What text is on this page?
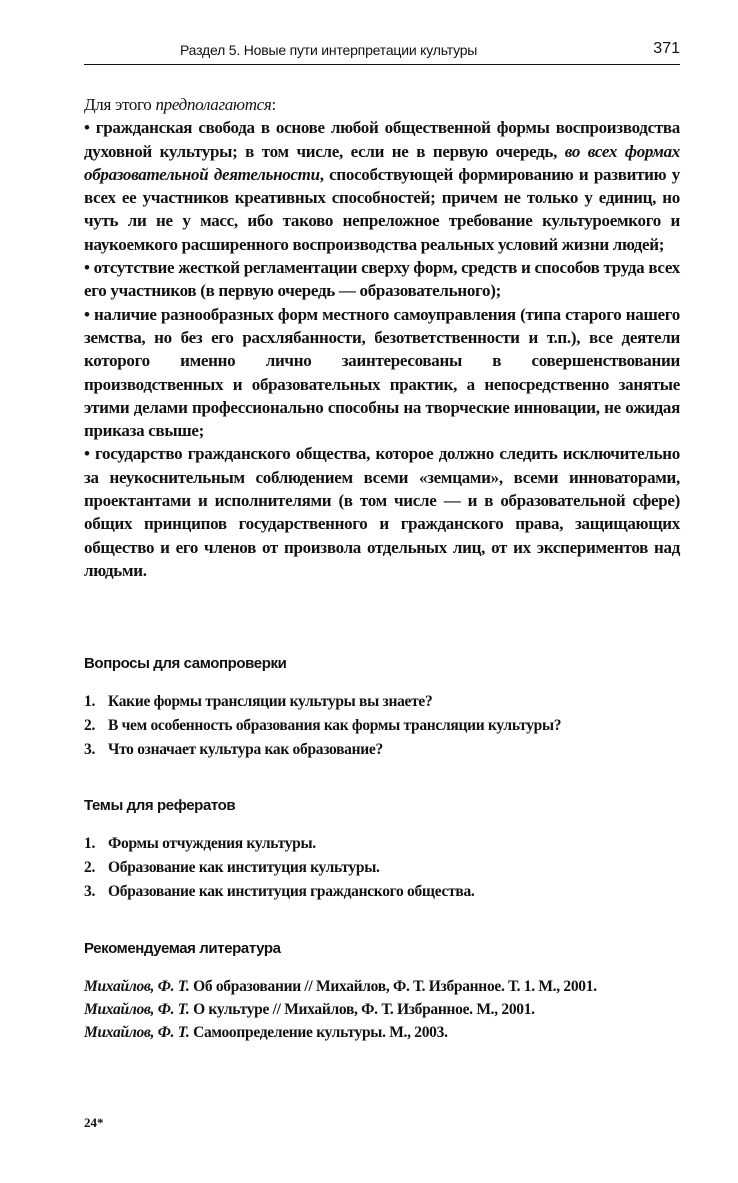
Раздел 5. Новые пути интерпретации культуры	371

Для этого предполагаются:

• гражданская свобода в основе любой общественной формы воспроизводства духовной культуры; в том числе, если не в первую очередь, во всех формах образовательной деятельности, способствующей формированию и развитию у всех ее участников креативных способностей; причем не только у единиц, но чуть ли не у масс, ибо таково непреложное требование культуроемкого и наукоемкого расширенного воспроизводства реальных условий жизни людей;

• отсутствие жесткой регламентации сверху форм, средств и способов труда всех его участников (в первую очередь — образовательного);

• наличие разнообразных форм местного самоуправления (типа старого нашего земства, но без его расхлябанности, безответственности и т.п.), все деятели которого именно лично заинтересованы в совершенствовании производственных и образовательных практик, а непосредственно занятые этими делами профессионально способны на творческие инновации, не ожидая приказа свыше;

• государство гражданского общества, которое должно следить исключительно за неукоснительным соблюдением всеми «земцами», всеми инноваторами, проектантами и исполнителями (в том числе — и в образовательной сфере) общих принципов государственного и гражданского права, защищающих общество и его членов от произвола отдельных лиц, от их экспериментов над людьми.

Вопросы для самопроверки
1. Какие формы трансляции культуры вы знаете?
2. В чем особенность образования как формы трансляции культуры?
3. Что означает культура как образование?
Темы для рефератов
1. Формы отчуждения культуры.
2. Образование как институция культуры.
3. Образование как институция гражданского общества.
Рекомендуемая литература
Михайлов, Ф. Т. Об образовании // Михайлов, Ф. Т. Избранное. Т. 1. М., 2001.
Михайлов, Ф. Т. О культуре // Михайлов, Ф. Т. Избранное. М., 2001.
Михайлов, Ф. Т. Самоопределение культуры. М., 2003.
24*
